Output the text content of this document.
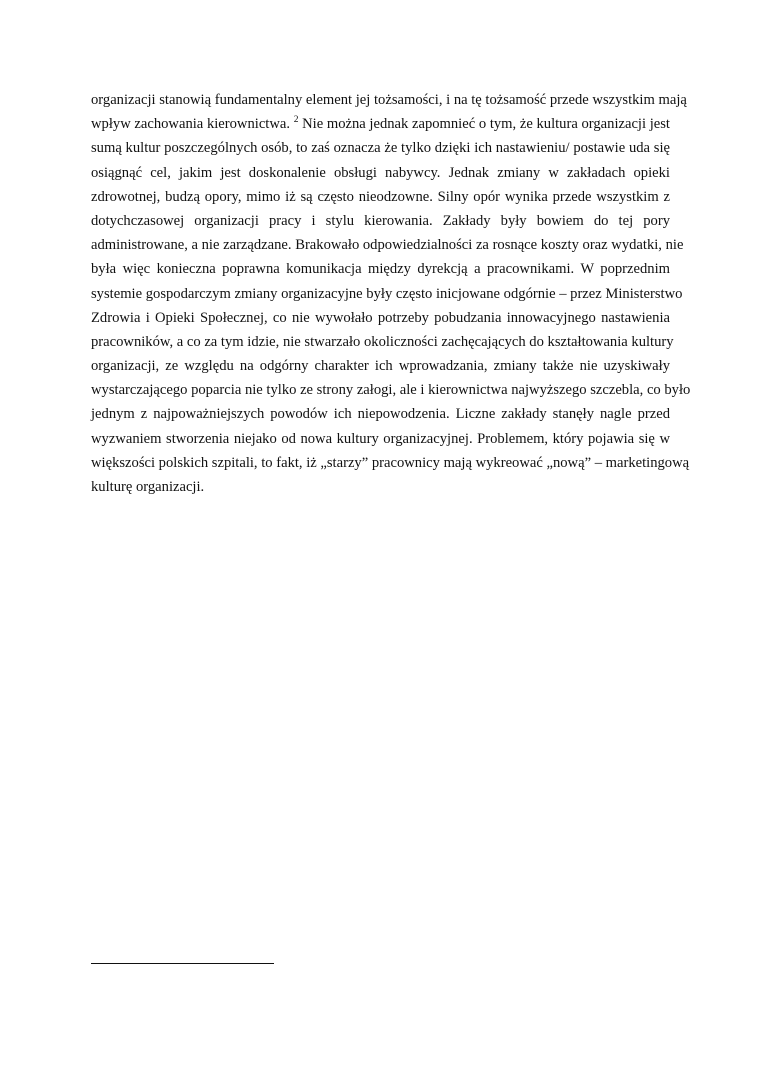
organizacji stanowią fundamentalny element jej tożsamości, i na tę tożsamość przede wszystkim mają
wpływ zachowania kierownictwa. $^2$ Nie można jednak zapomnieć o tym, że kultura organizacji jest
sumą kultur poszczególnych osób, to zaś oznacza że tylko dzięki ich nastawieniu/ postawie uda się
osiągnąć cel, jakim jest doskonalenie obsługi nabywcy. Jednak zmiany w zakładach opieki
zdrowotnej, budzą opory, mimo iż są często nieodzowne. Silny opór wynika przede wszystkim z
dotychczasowej organizacji pracy i stylu kierowania. Zakłady były bowiem do tej pory
administrowane, a nie zarządzane. Brakowało odpowiedzialności za rosnące koszty oraz wydatki, nie
była więc konieczna poprawna komunikacja między dyrekcją a pracownikami. W poprzednim
systemie gospodarczym zmiany organizacyjne były często inicjowane odgórnie – przez Ministerstwo
Zdrowia i Opieki Społecznej, co nie wywołało potrzeby pobudzania innowacyjnego nastawienia
pracowników, a co za tym idzie, nie stwarzało okoliczności zachęcających do kształtowania kultury
organizacji, ze względu na odgórny charakter ich wprowadzania, zmiany także nie uzyskiwały
wystarczającego poparcia nie tylko ze strony załogi, ale i kierownictwa najwyższego szczebla, co było
jednym z najpoważniejszych powodów ich niepowodzenia. Liczne zakłady stanęły nagle przed
wyzwaniem stworzenia niejako od nowa kultury organizacyjnej. Problemem, który pojawia się w
większości polskich szpitali, to fakt, iż „starzy” pracownicy mają wykreować „nową” – marketingową
kulturę organizacji.
